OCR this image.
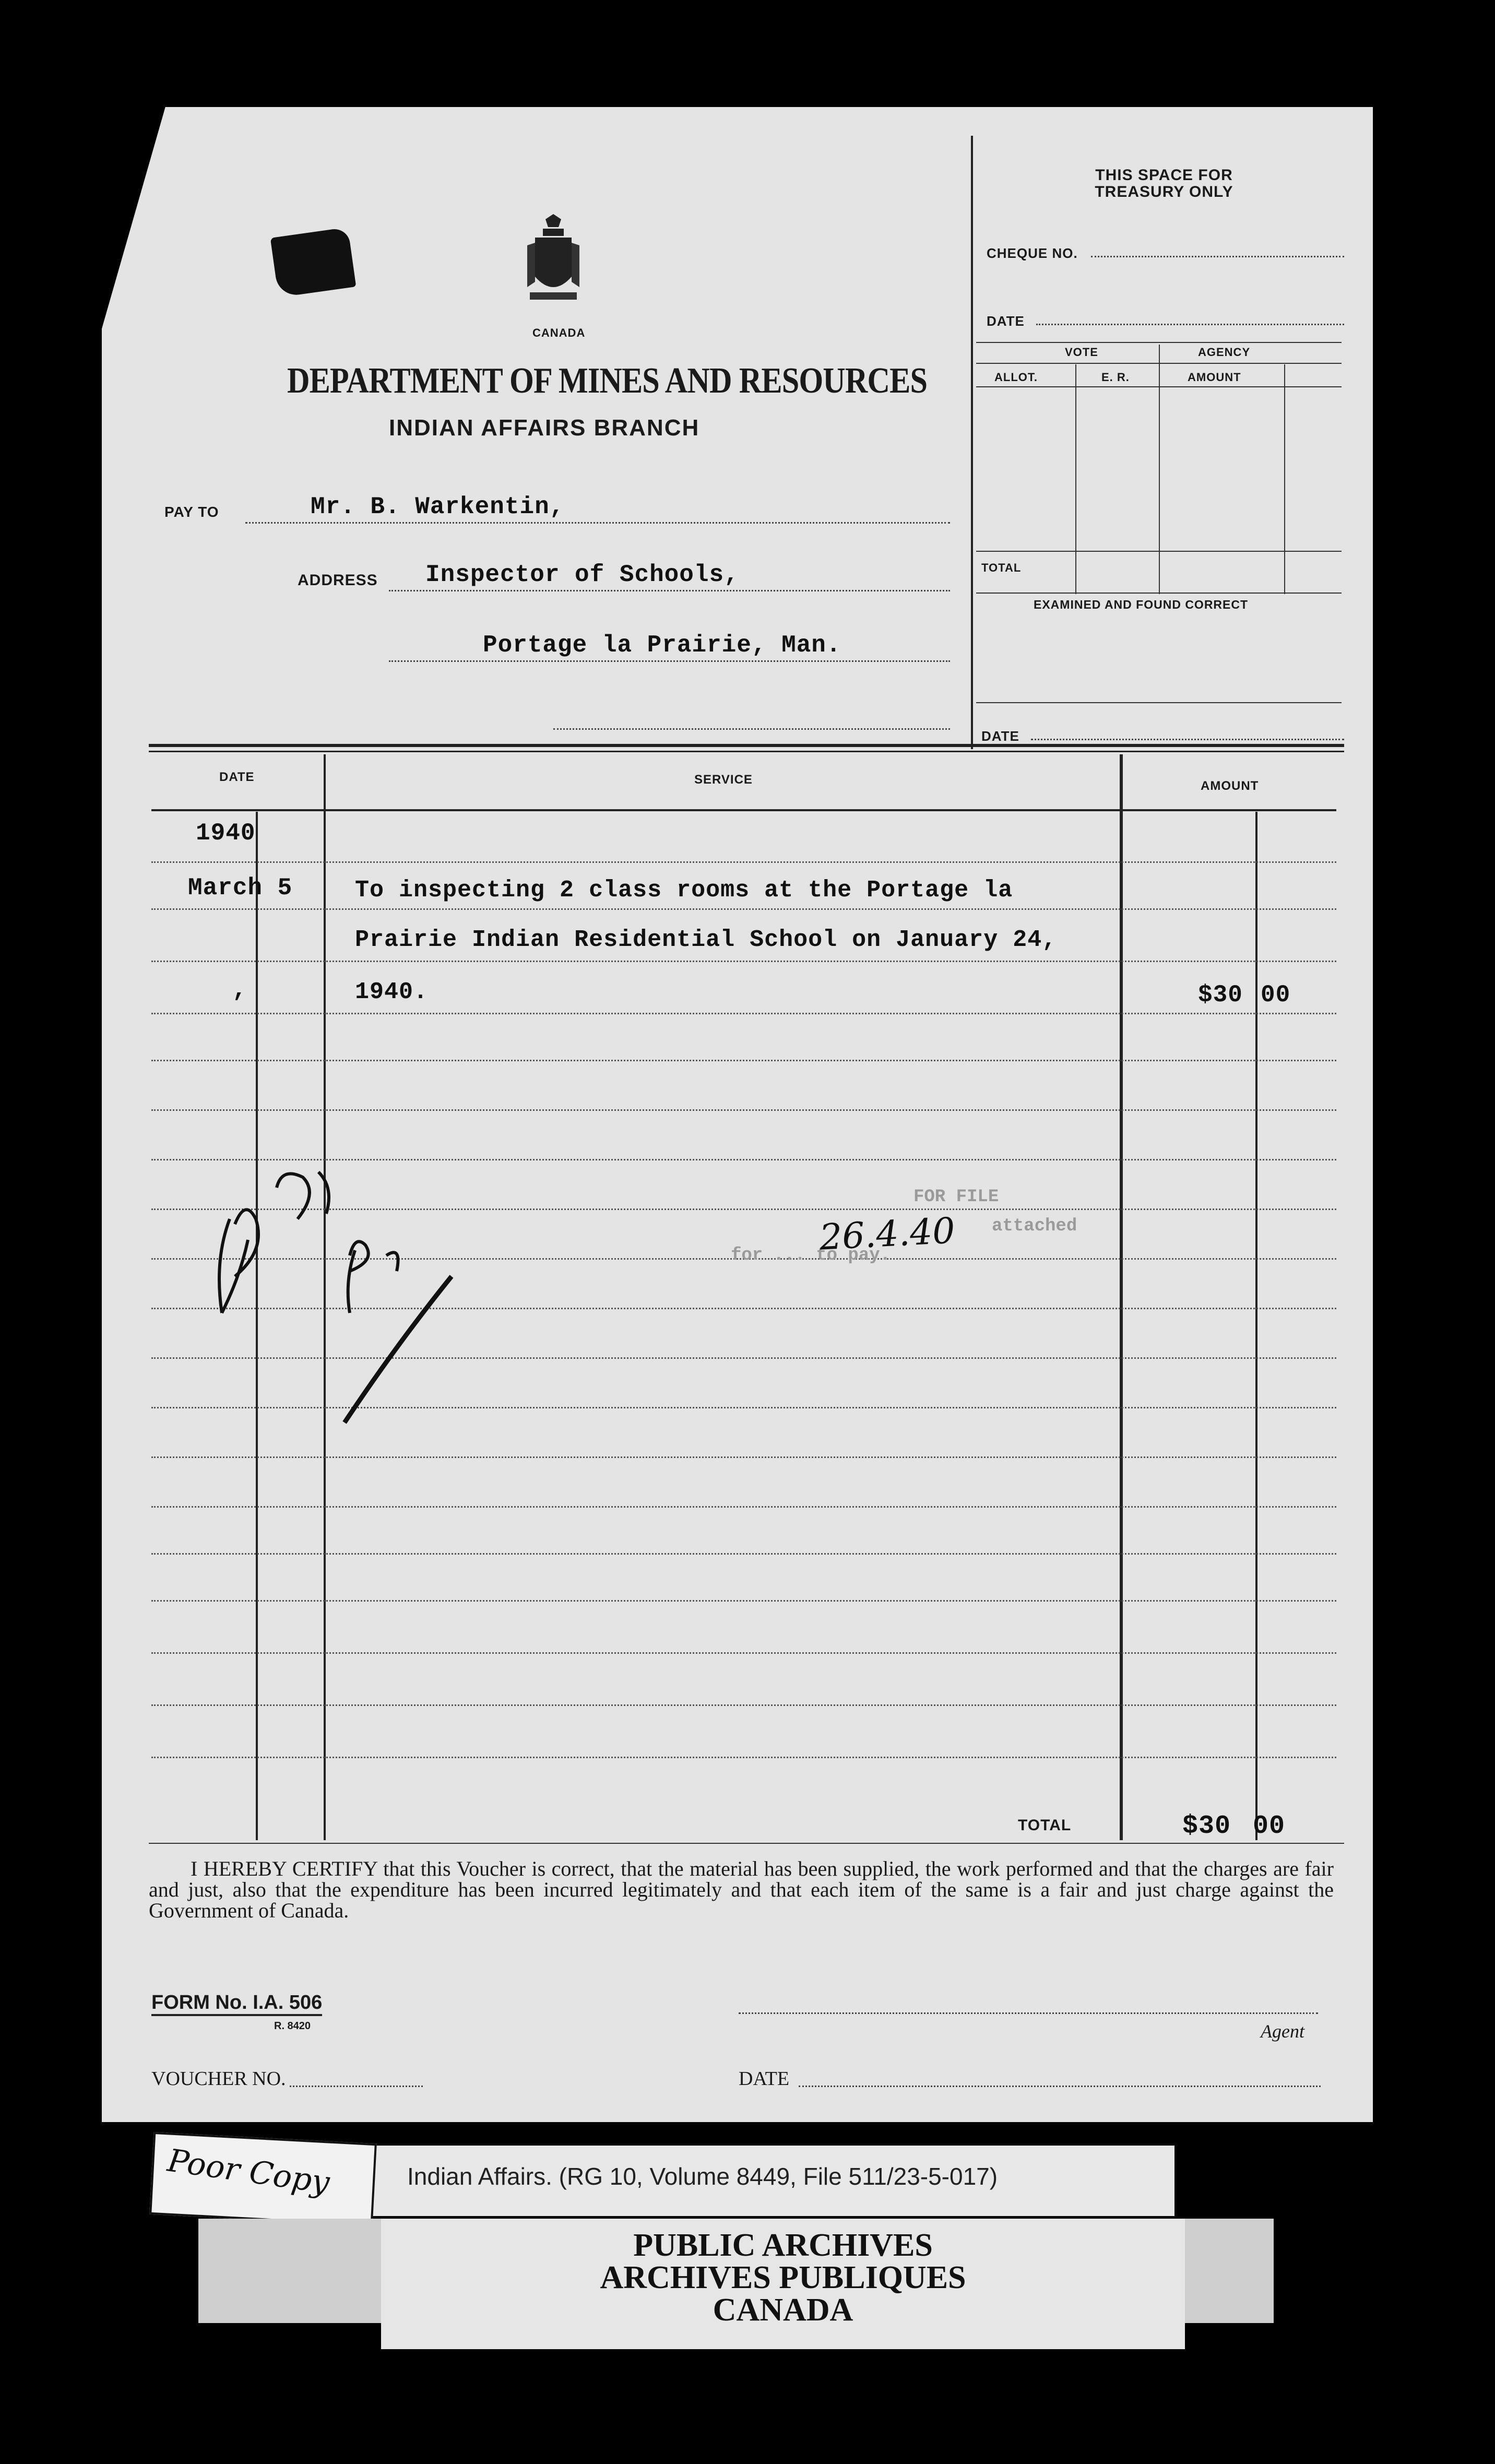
CANADA
DEPARTMENT OF MINES AND RESOURCES
INDIAN AFFAIRS BRANCH
PAY TO	Mr. B. Warkentin,
ADDRESS Inspector of Schools,
Portage la Prairie, Man.
THIS SPACE FOR TREASURY ONLY
CHEQUE NO.
DATE
VOTE	AGENCY
ALLOT.	E. R.	AMOUNT
TOTAL
EXAMINED AND FOUND CORRECT
DATE
DATE	SERVICE	AMOUNT
1940
March 5	To inspecting 2 class rooms at the Portage la
Prairie Indian Residential School on January 24,
,	1940.	$30 00
FOR FILE
attached
for ... to pay.
26.4.40
TOTAL	$30 00
I HEREBY CERTIFY that this Voucher is correct, that the material has been supplied, the work performed and that the charges are fair and just, also that the expenditure has been incurred legitimately and that each item of the same is a fair and just charge against the Government of Canada.
FORM No. I.A. 506
R. 8420	Agent
VOUCHER NO.	DATE
Indian Affairs. (RG 10, Volume 8449, File 511/23-5-017)
Poor Copy
PUBLIC ARCHIVES
ARCHIVES PUBLIQUES
CANADA
